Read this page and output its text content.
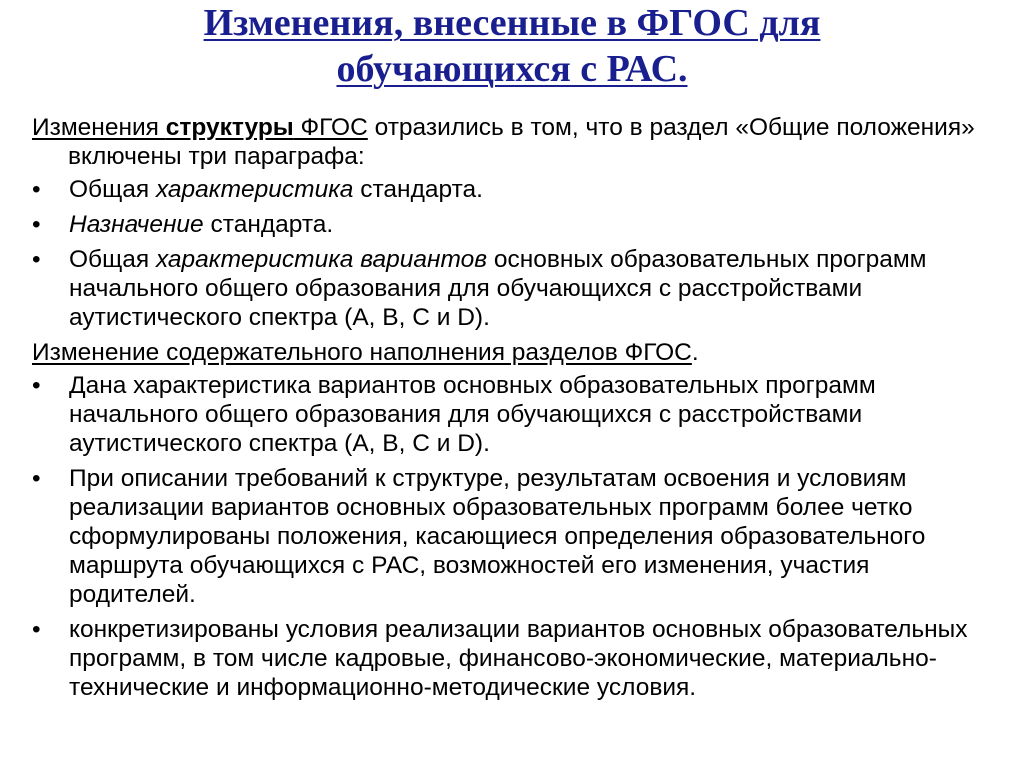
Изменения, внесенные в ФГОС для
обучающихся с РАС.

Изменения структуры ФГОС отразились в том, что в раздел «Общие положения» включены три параграфа:

•	Общая характеристика стандарта.
•	Назначение стандарта.
•	Общая характеристика вариантов основных образовательных программ начального общего образования для обучающихся с расстройствами аутистического спектра (A, B, C и D).

Изменение содержательного наполнения разделов ФГОС.

•	Дана характеристика вариантов основных образовательных программ начального общего образования для обучающихся с расстройствами аутистического спектра (A, B, C и D).
•	При описании требований к структуре, результатам освоения и условиям реализации вариантов основных образовательных программ более четко сформулированы положения, касающиеся определения образовательного маршрута обучающихся с РАС, возможностей его изменения, участия родителей.
•	конкретизированы условия реализации вариантов основных образовательных программ, в том числе кадровые, финансово-экономические, материально-технические и информационно-методические условия.
